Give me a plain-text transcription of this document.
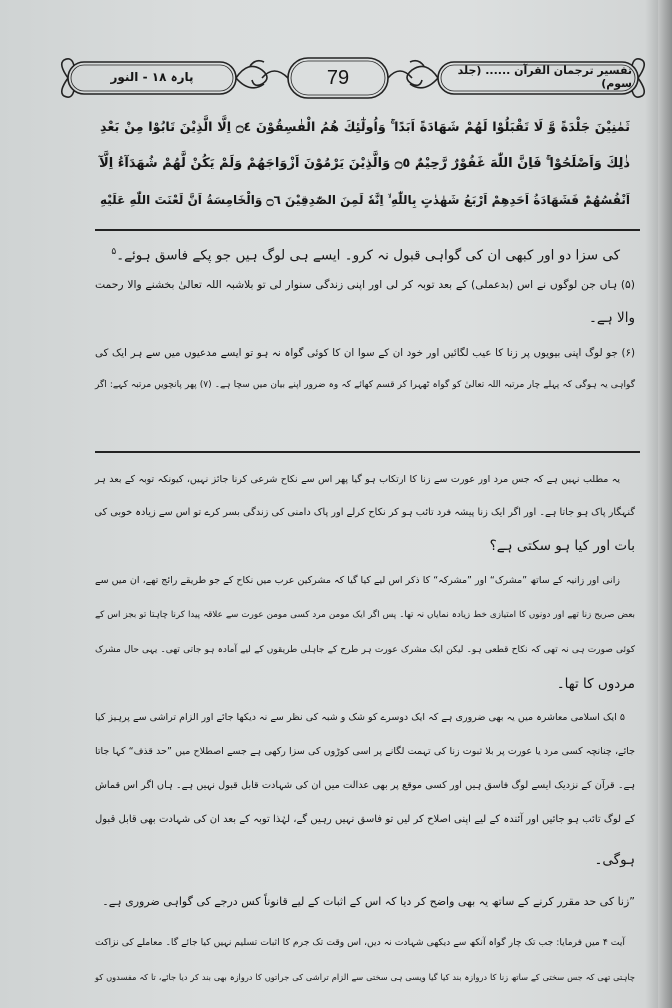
تفسیر ترجمان القرآن ...... (جلد سوم)
79
پارہ ۱۸ - النور
ثَمٰنِيْنَ جَلْدَةً وَّ لَا تَقْبَلُوْا لَهُمْ شَهَادَةً اَبَدًا ۚ وَاُولٰٓئِكَ هُمُ الْفٰسِقُوْنَ ۝٤ اِلَّا الَّذِيْنَ تَابُوْا مِنْ بَعْدِ
ذٰلِكَ وَاَصْلَحُوْا ۚ فَاِنَّ اللّٰهَ غَفُوْرٌ رَّحِيْمٌ ۝٥ وَالَّذِيْنَ يَرْمُوْنَ اَزْوَاجَهُمْ وَلَمْ يَكُنْ لَّهُمْ شُهَدَآءُ اِلَّآ
اَنْفُسُهُمْ فَشَهَادَةُ اَحَدِهِمْ اَرْبَعُ شَهٰدٰتٍ بِاللّٰهِ ۙ اِنَّهٗ لَمِنَ الصّٰدِقِيْنَ ۝٦ وَالْخَامِسَةُ اَنَّ لَعْنَتَ اللّٰهِ عَلَيْهِ
کی سزا دو اور کبھی ان کی گواہی قبول نہ کرو۔ ایسے ہی لوگ ہیں جو پکے فاسق ہوئے۔$^۵$
(۵) ہاں جن لوگوں نے اس (بدعملی) کے بعد توبہ کر لی اور اپنی زندگی سنوار لی تو بلاشبہ اللہ تعالیٰ بخشنے والا رحمت
والا ہے۔
(۶) جو لوگ اپنی بیویوں پر زنا کا عیب لگائیں اور خود ان کے سوا ان کا کوئی گواہ نہ ہو تو ایسے مدعیوں میں سے ہر ایک کی
گواہی یہ ہوگی کہ پہلے چار مرتبہ اللہ تعالیٰ کو گواہ ٹھہرا کر قسم کھائے کہ وہ ضرور اپنے بیان میں سچا ہے۔ (۷) پھر پانچویں مرتبہ کہے: اگر
یہ مطلب نہیں ہے کہ جس مرد اور عورت سے زنا کا ارتکاب ہو گیا پھر اس سے نکاح شرعی کرنا جائز نہیں، کیونکہ توبہ کے بعد ہر
گنہگار پاک ہو جاتا ہے۔ اور اگر ایک زنا پیشہ فرد تائب ہو کر نکاح کرلے اور پاک دامنی کی زندگی بسر کرے تو اس سے زیادہ خوبی کی
بات اور کیا ہو سکتی ہے؟
زانی اور زانیہ کے ساتھ ”مشرک“ اور ”مشرکہ“ کا ذکر اس لیے کیا گیا کہ مشرکین عرب میں نکاح کے جو طریقے رائج تھے، ان میں سے
بعض صریح زنا تھے اور دونوں کا امتیازی خط زیادہ نمایاں نہ تھا۔ پس اگر ایک مومن مرد کسی مومن عورت سے علاقہ پیدا کرنا چاہتا تو بجز اس کے
کوئی صورت ہی نہ تھی کہ نکاح قطعی ہو۔ لیکن ایک مشرک عورت ہر طرح کے جاہلی طریقوں کے لیے آمادہ ہو جاتی تھی۔ یہی حال مشرک
مردوں کا تھا۔
۵ ایک اسلامی معاشرہ میں یہ بھی ضروری ہے کہ ایک دوسرے کو شک و شبہ کی نظر سے نہ دیکھا جائے اور الزام تراشی سے پرہیز کیا
جائے، چنانچہ کسی مرد یا عورت پر بلا ثبوت زنا کی تہمت لگانے پر اسی کوڑوں کی سزا رکھی ہے جسے اصطلاح میں ”حد قذف“ کہا جاتا
ہے۔ قرآن کے نزدیک ایسے لوگ فاسق ہیں اور کسی موقع پر بھی عدالت میں ان کی شہادت قابل قبول نہیں ہے۔ ہاں اگر اس قماش
کے لوگ تائب ہو جائیں اور آئندہ کے لیے اپنی اصلاح کر لیں تو فاسق نہیں رہیں گے، لہٰذا توبہ کے بعد ان کی شہادت بھی قابل قبول
ہوگی۔
”زنا کی حد مقرر کرنے کے ساتھ یہ بھی واضح کر دیا کہ اس کے اثبات کے لیے قانوناً کس درجے کی گواہی ضروری ہے۔
آیت ۴ میں فرمایا: جب تک چار گواہ آنکھ سے دیکھی شہادت نہ دیں، اس وقت تک جرم کا اثبات تسلیم نہیں کیا جائے گا۔ معاملے کی نزاکت
چاہتی تھی کہ جس سختی کے ساتھ زنا کا دروازہ بند کیا گیا ویسی ہی سختی سے الزام تراشی کی جراتوں کا دروازہ بھی بند کر دیا جائے، تا کہ مفسدوں کو
